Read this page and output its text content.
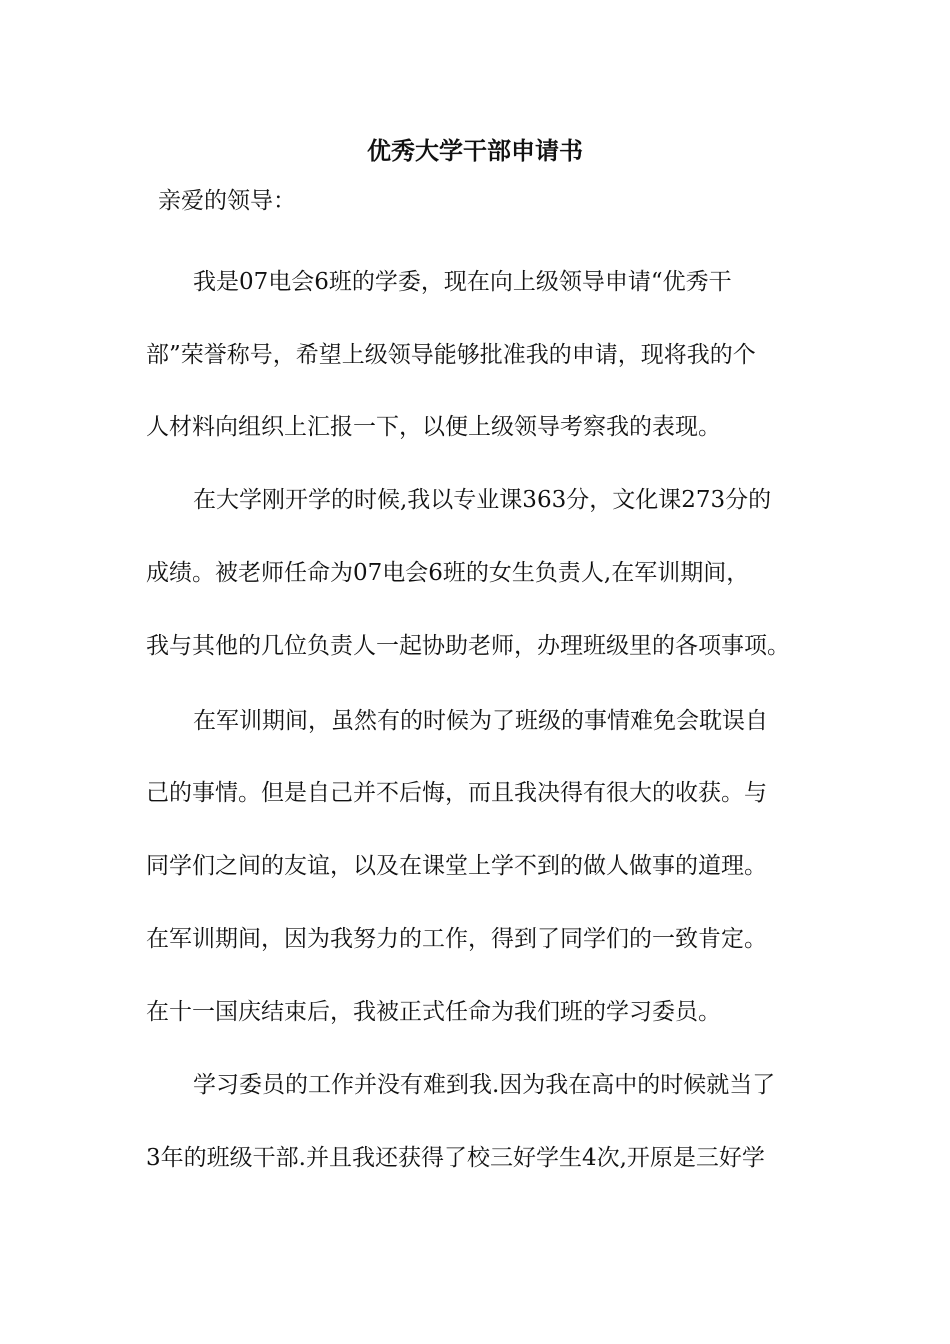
优秀大学干部申请书
亲爱的领导：
我是07电会6班的学委，现在向上级领导申请“优秀干
部”荣誉称号，希望上级领导能够批准我的申请，现将我的个
人材料向组织上汇报一下，以便上级领导考察我的表现。
在大学刚开学的时候,我以专业课363分，文化课273分的
成绩。被老师任命为07电会6班的女生负责人,在军训期间，
我与其他的几位负责人一起协助老师，办理班级里的各项事项。
在军训期间，虽然有的时候为了班级的事情难免会耽误自
己的事情。但是自己并不后悔，而且我决得有很大的收获。与
同学们之间的友谊，以及在课堂上学不到的做人做事的道理。
在军训期间，因为我努力的工作，得到了同学们的一致肯定。
在十一国庆结束后，我被正式任命为我们班的学习委员。
学习委员的工作并没有难到我.因为我在高中的时候就当了
3年的班级干部.并且我还获得了校三好学生4次,开原是三好学
